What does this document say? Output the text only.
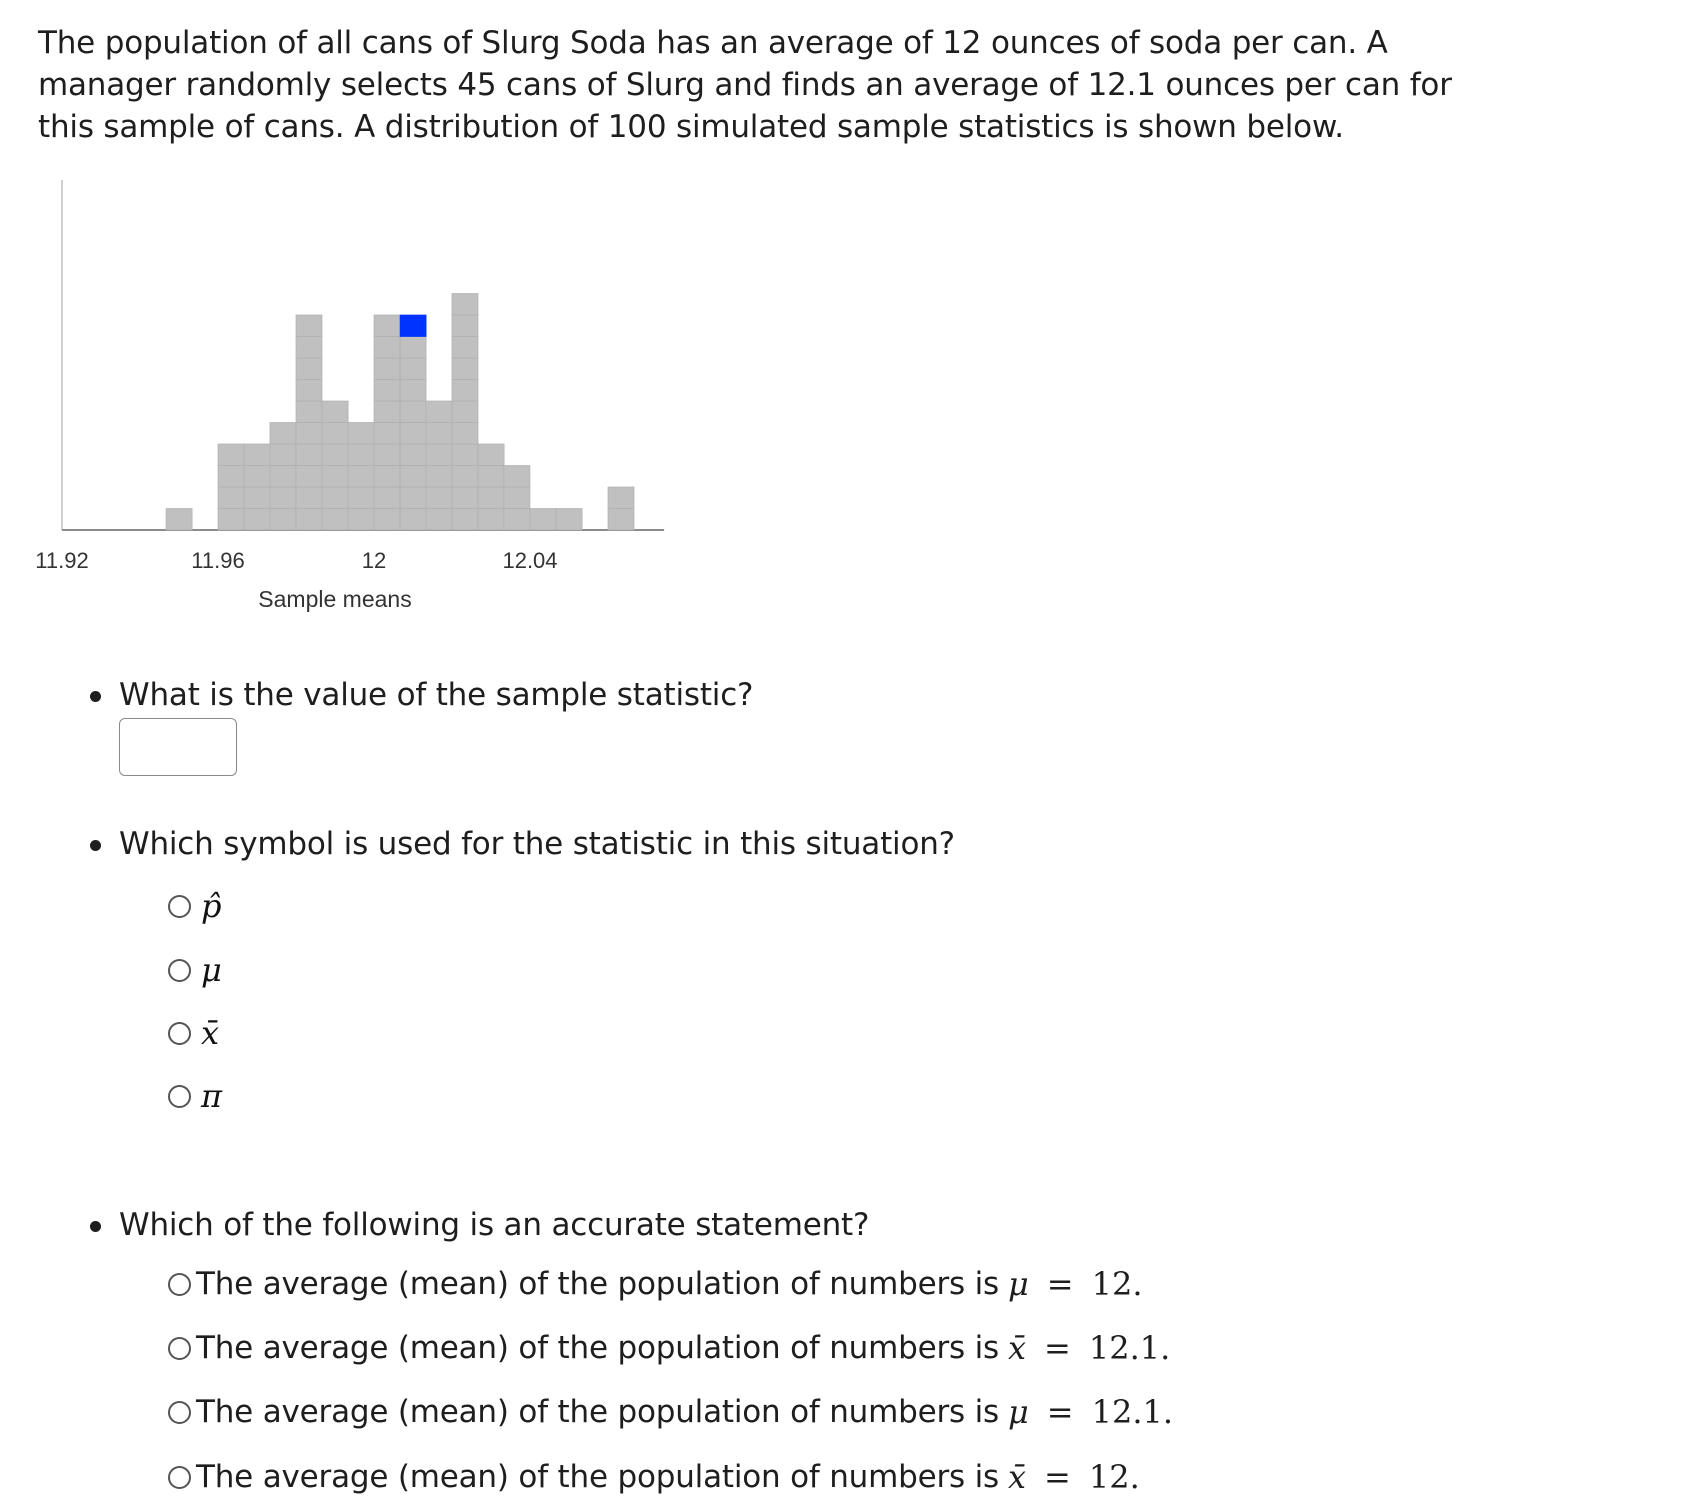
The population of all cans of Slurg Soda has an average of 12 ounces of soda per can. A manager randomly selects 45 cans of Slurg and finds an average of 12.1 ounces per can for this sample of cans. A distribution of 100 simulated sample statistics is shown below.

11.92	11.96	12	12.04
Sample means
What is the value of the sample statistic?
Which symbol is used for the statistic in this situation?
p̂
μ
x̄
π
Which of the following is an accurate statement?
The average (mean) of the population of numbers is μ = 12.
The average (mean) of the population of numbers is x̄ = 12.1.
The average (mean) of the population of numbers is μ = 12.1.
The average (mean) of the population of numbers is x̄ = 12.
